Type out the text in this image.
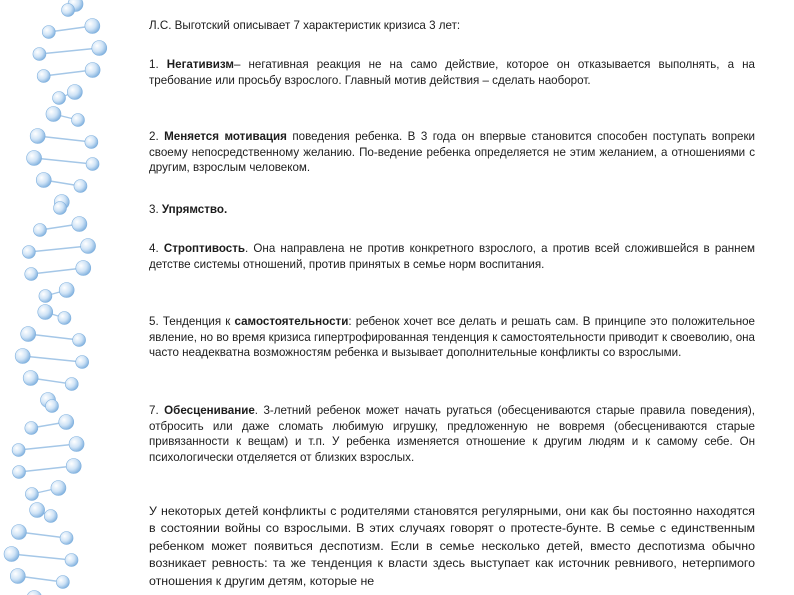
Л.С. Выготский описывает 7 характеристик кризиса 3 лет:

1. Негативизм– негативная реакция не на само действие, которое он отказывается выполнять, а на требование или просьбу взрослого. Главный мотив действия – сделать наоборот.

2. Меняется мотивация поведения ребенка. В 3 года он впервые становится способен поступать вопреки своему непосредственному желанию. По-ведение ребенка определяется не этим желанием, а отношениями с другим, взрослым человеком.

3. Упрямство.

4. Строптивость. Она направлена не против конкретного взрослого, а против всей сложившейся в раннем детстве системы отношений, против принятых в семье норм воспитания.

5. Тенденция к самостоятельности: ребенок хочет все делать и решать сам. В принципе это положительное явление, но во время кризиса гипертрофированная тенденция к самостоятельности приводит к своеволию, она часто неадекватна возможностям ребенка и вызывает дополнительные конфликты со взрослыми.

7. Обесценивание. 3-летний ребенок может начать ругаться (обесцениваются старые правила поведения), отбросить или даже сломать любимую игрушку, предложенную не вовремя (обесцениваются старые привязанности к вещам) и т.п. У ребенка изменяется отношение к другим людям и к самому себе. Он психологически отделяется от близких взрослых.

У некоторых детей конфликты с родителями становятся регулярными, они как бы постоянно находятся в состоянии войны со взрослыми. В этих случаях говорят о протесте-бунте. В семье с единственным ребенком может появиться деспотизм. Если в семье несколько детей, вместо деспотизма обычно возникает ревность: та же тенденция к власти здесь выступает как источник ревнивого, нетерпимого отношения к другим детям, которые не
